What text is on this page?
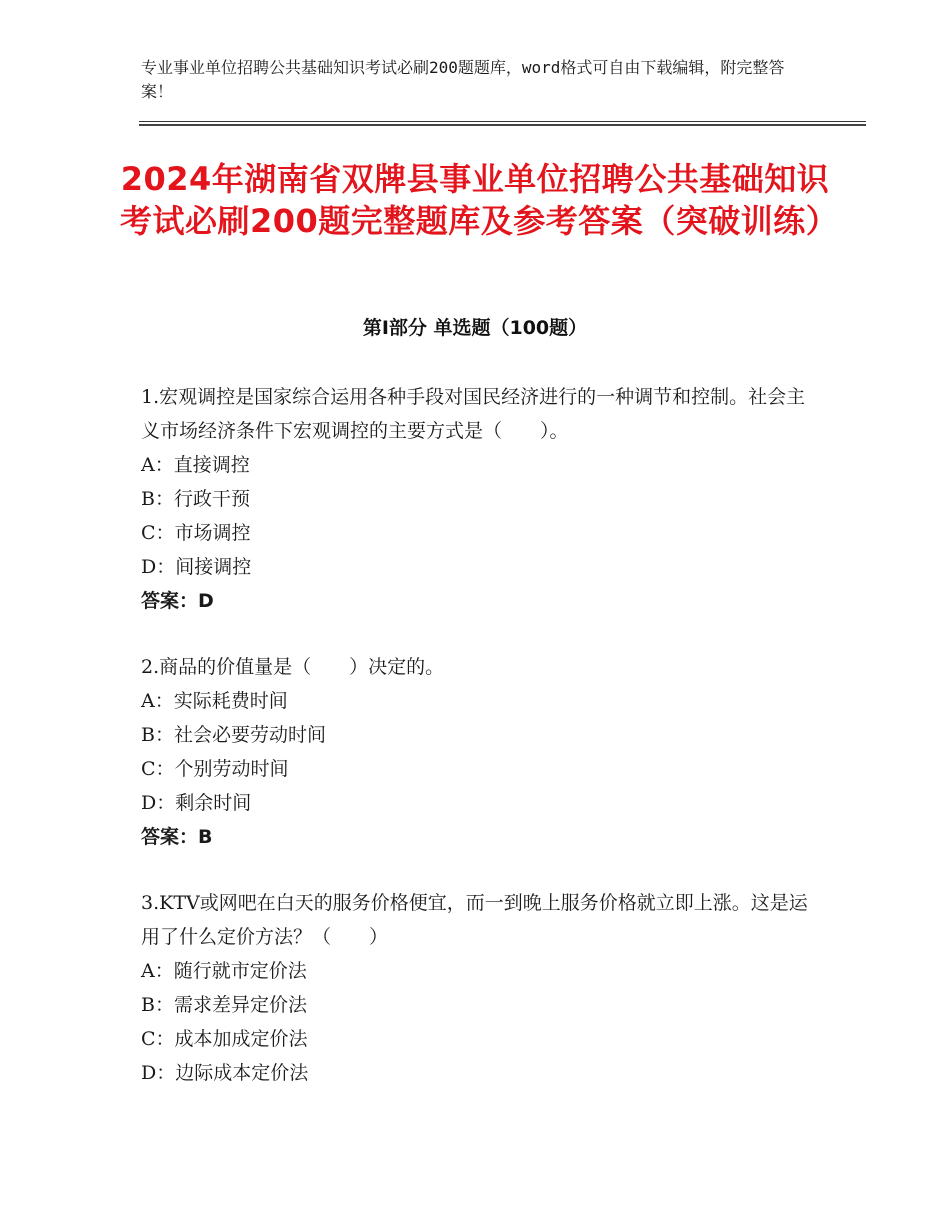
专业事业单位招聘公共基础知识考试必刷200题题库，word格式可自由下载编辑，附完整答案！
2024年湖南省双牌县事业单位招聘公共基础知识考试必刷200题完整题库及参考答案（突破训练）
第Ⅰ部分 单选题（100题）

1.宏观调控是国家综合运用各种手段对国民经济进行的一种调节和控制。社会主义市场经济条件下宏观调控的主要方式是（　　）。

A：直接调控

B：行政干预

C：市场调控

D：间接调控

答案：D

2.商品的价值量是（　　）决定的。

A：实际耗费时间

B：社会必要劳动时间

C：个别劳动时间

D：剩余时间

答案：B

3.KTV或网吧在白天的服务价格便宜，而一到晚上服务价格就立即上涨。这是运用了什么定价方法？（　　）

A：随行就市定价法

B：需求差异定价法

C：成本加成定价法

D：边际成本定价法
